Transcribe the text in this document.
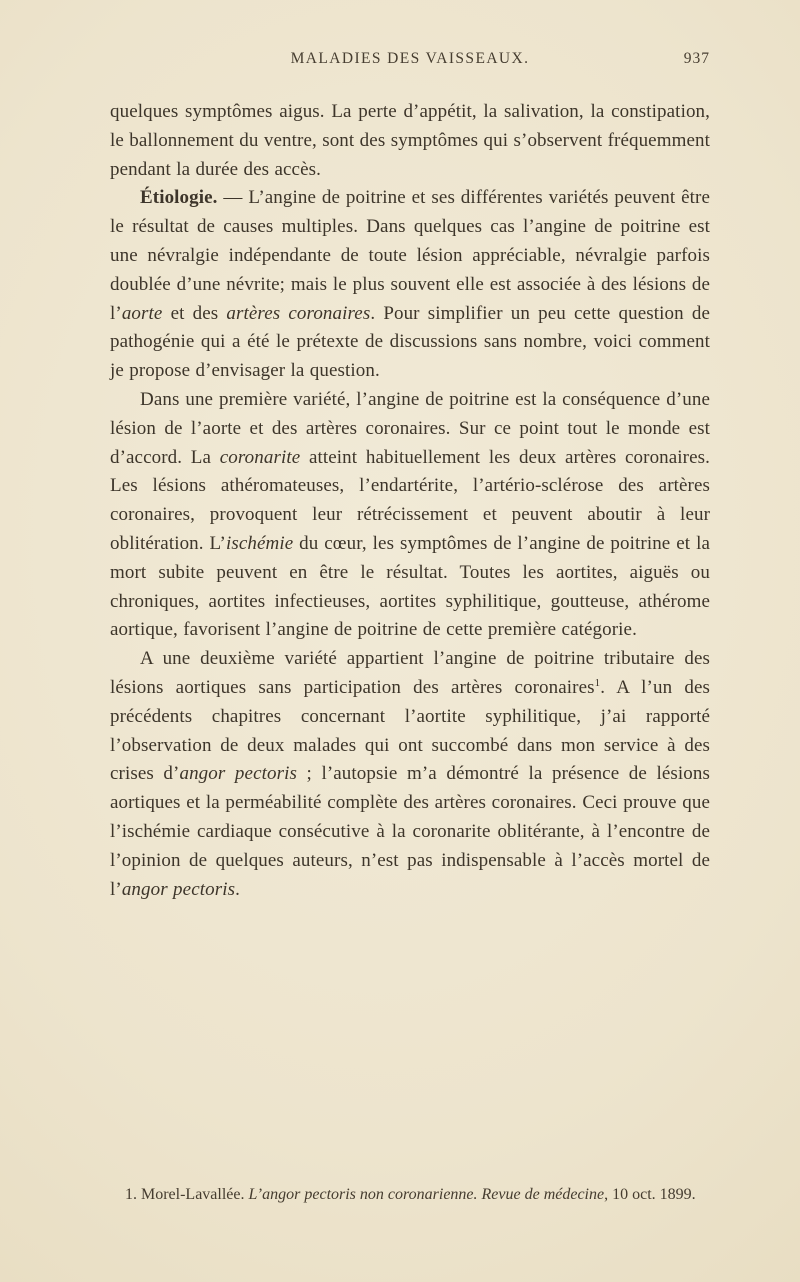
MALADIES DES VAISSEAUX.	937

quelques symptômes aigus. La perte d’appétit, la salivation, la constipation, le ballonnement du ventre, sont des symptômes qui s’observent fréquemment pendant la durée des accès.

Étiologie. — L’angine de poitrine et ses différentes variétés peuvent être le résultat de causes multiples. Dans quelques cas l’angine de poitrine est une névralgie indépendante de toute lésion appréciable, névralgie parfois doublée d’une névrite; mais le plus souvent elle est associée à des lésions de l’aorte et des artères coronaires. Pour simplifier un peu cette question de pathogénie qui a été le prétexte de discussions sans nombre, voici comment je propose d’envisager la question.

Dans une première variété, l’angine de poitrine est la conséquence d’une lésion de l’aorte et des artères coronaires. Sur ce point tout le monde est d’accord. La coronarite atteint habituellement les deux artères coronaires. Les lésions athéromateuses, l’endartérite, l’artério-sclérose des artères coronaires, provoquent leur rétrécissement et peuvent aboutir à leur oblitération. L’ischémie du cœur, les symptômes de l’angine de poitrine et la mort subite peuvent en être le résultat. Toutes les aortites, aiguës ou chroniques, aortites infectieuses, aortites syphilitique, goutteuse, athérome aortique, favorisent l’angine de poitrine de cette première catégorie.

A une deuxième variété appartient l’angine de poitrine tributaire des lésions aortiques sans participation des artères coronaires$^1$. A l’un des précédents chapitres concernant l’aortite syphilitique, j’ai rapporté l’observation de deux malades qui ont succombé dans mon service à des crises d’angor pectoris ; l’autopsie m’a démontré la présence de lésions aortiques et la perméabilité complète des artères coronaires. Ceci prouve que l’ischémie cardiaque consécutive à la coronarite oblitérante, à l’encontre de l’opinion de quelques auteurs, n’est pas indispensable à l’accès mortel de l’angor pectoris.

1. Morel-Lavallée. L’angor pectoris non coronarienne. Revue de médecine, 10 oct. 1899.
